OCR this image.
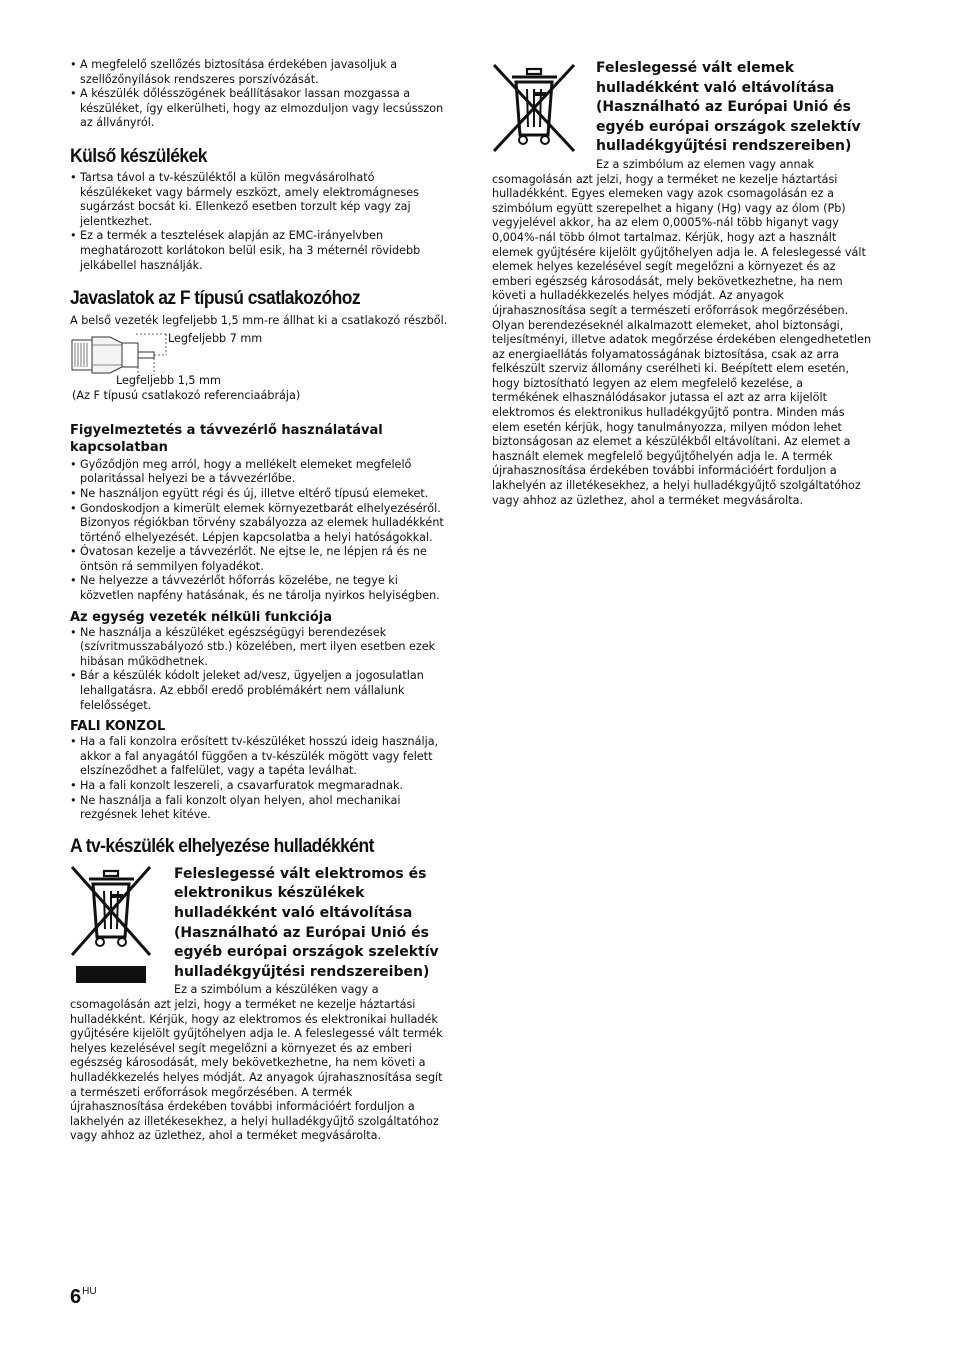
• A megfelelő szellőzés biztosítása érdekében javasoljuk a szellőzőnyílások rendszeres porszívózását.
• A készülék dőlésszögének beállításakor lassan mozgassa a készüléket, így elkerülheti, hogy az elmozduljon vagy lecsússzon az állványról.
Külső készülékek
• Tartsa távol a tv-készüléktől a külön megvásárolható készülékeket vagy bármely eszközt, amely elektromágneses sugárzást bocsát ki. Ellenkező esetben torzult kép vagy zaj jelentkezhet.
• Ez a termék a tesztelések alapján az EMC-irányelvben meghatározott korlátokon belül esik, ha 3 méternél rövidebb jelkábellel használják.
Javaslatok az F típusú csatlakozóhoz

A belső vezeték legfeljebb 1,5 mm-re állhat ki a csatlakozó részből.

Legfeljebb 7 mm
Legfeljebb 1,5 mm
(Az F típusú csatlakozó referenciaábrája)
Figyelmeztetés a távvezérlő használatával kapcsolatban
• Győződjön meg arról, hogy a mellékelt elemeket megfelelő polaritással helyezi be a távvezérlőbe.
• Ne használjon együtt régi és új, illetve eltérő típusú elemeket.
• Gondoskodjon a kimerült elemek környezetbarát elhelyezéséről. Bizonyos régiókban törvény szabályozza az elemek hulladékként történő elhelyezését. Lépjen kapcsolatba a helyi hatóságokkal.
• Óvatosan kezelje a távvezérlőt. Ne ejtse le, ne lépjen rá és ne öntsön rá semmilyen folyadékot.
• Ne helyezze a távvezérlőt hőforrás közelébe, ne tegye ki közvetlen napfény hatásának, és ne tárolja nyirkos helyiségben.
Az egység vezeték nélküli funkciója
• Ne használja a készüléket egészségügyi berendezések (szívritmusszabályozó stb.) közelében, mert ilyen esetben ezek hibásan működhetnek.
• Bár a készülék kódolt jeleket ad/vesz, ügyeljen a jogosulatlan lehallgatásra. Az ebből eredő problémákért nem vállalunk felelősséget.
FALI KONZOL
• Ha a fali konzolra erősített tv-készüléket hosszú ideig használja, akkor a fal anyagától függően a tv-készülék mögött vagy felett elszíneződhet a falfelület, vagy a tapéta leválhat.
• Ha a fali konzolt leszereli, a csavarfuratok megmaradnak.
• Ne használja a fali konzolt olyan helyen, ahol mechanikai rezgésnek lehet kitéve.
A tv-készülék elhelyezése hulladékként

Feleslegessé vált elektromos és elektronikus készülékek hulladékként való eltávolítása (Használható az Európai Unió és egyéb európai országok szelektív hulladékgyűjtési rendszereiben)

Ez a szimbólum a készüléken vagy a csomagolásán azt jelzi, hogy a terméket ne kezelje háztartási hulladékként. Kérjük, hogy az elektromos és elektronikai hulladék gyűjtésére kijelölt gyűjtőhelyen adja le. A feleslegessé vált termék helyes kezelésével segít megelőzni a környezet és az emberi egészség károsodását, mely bekövetkezhetne, ha nem követi a hulladékkezelés helyes módját. Az anyagok újrahasznosítása segít a természeti erőforrások megőrzésében. A termék újrahasznosítása érdekében további információért forduljon a lakhelyén az illetékesekhez, a helyi hulladékgyűjtő szolgáltatóhoz vagy ahhoz az üzlethez, ahol a terméket megvásárolta.

Feleslegessé vált elemek hulladékként való eltávolítása (Használható az Európai Unió és egyéb európai országok szelektív hulladékgyűjtési rendszereiben)

Ez a szimbólum az elemen vagy annak csomagolásán azt jelzi, hogy a terméket ne kezelje háztartási hulladékként. Egyes elemeken vagy azok csomagolásán ez a szimbólum együtt szerepelhet a higany (Hg) vagy az ólom (Pb) vegyjelével akkor, ha az elem 0,0005%-nál több higanyt vagy 0,004%-nál több ólmot tartalmaz. Kérjük, hogy azt a használt elemek gyűjtésére kijelölt gyűjtőhelyen adja le. A feleslegessé vált elemek helyes kezelésével segít megelőzni a környezet és az emberi egészség károsodását, mely bekövetkezhetne, ha nem követi a hulladékkezelés helyes módját. Az anyagok újrahasznosítása segít a természeti erőforrások megőrzésében. Olyan berendezéseknél alkalmazott elemeket, ahol biztonsági, teljesítményi, illetve adatok megőrzése érdekében elengedhetetlen az energiaellátás folyamatosságának biztosítása, csak az arra felkészült szerviz állomány cserélheti ki. Beépített elem esetén, hogy biztosítható legyen az elem megfelelő kezelése, a termékének elhasználódásakor jutassa el azt az arra kijelölt elektromos és elektronikus hulladékgyűjtő pontra. Minden más elem esetén kérjük, hogy tanulmányozza, milyen módon lehet biztonságosan az elemet a készülékből eltávolítani. Az elemet a használt elemek megfelelő begyűjtőhelyén adja le. A termék újrahasznosítása érdekében további információért forduljon a lakhelyén az illetékesekhez, a helyi hulladékgyűjtő szolgáltatóhoz vagy ahhoz az üzlethez, ahol a terméket megvásárolta.

$6^{HU}$
